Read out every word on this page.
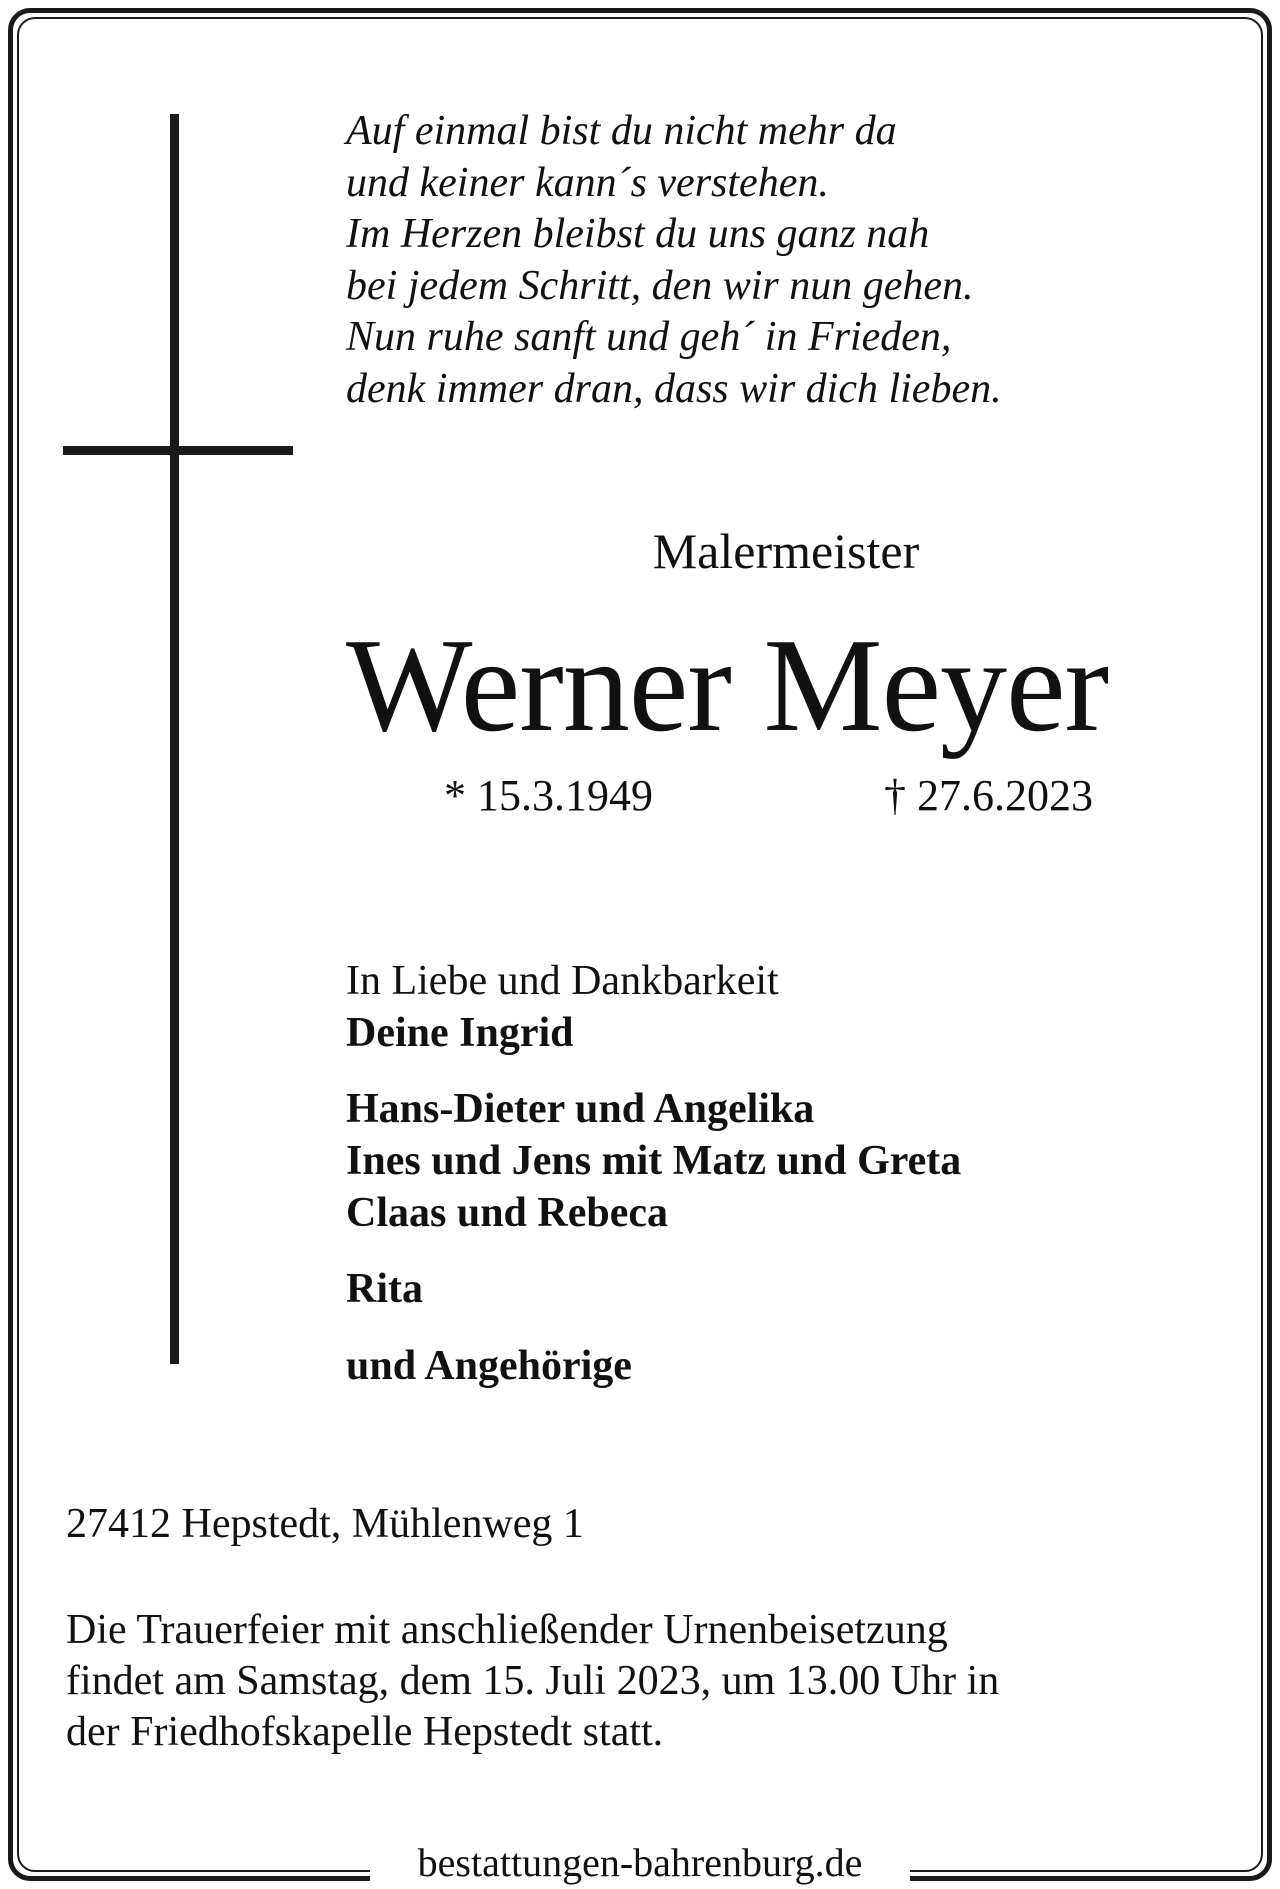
Auf einmal bist du nicht mehr da
und keiner kann´s verstehen.
Im Herzen bleibst du uns ganz nah
bei jedem Schritt, den wir nun gehen.
Nun ruhe sanft und geh´ in Frieden,
denk immer dran, dass wir dich lieben.
Malermeister
Werner Meyer
* 15.3.1949	† 27.6.2023
In Liebe und Dankbarkeit
Deine Ingrid
Hans-Dieter und Angelika
Ines und Jens mit Matz und Greta
Claas und Rebeca
Rita
und Angehörige
27412 Hepstedt, Mühlenweg 1
Die Trauerfeier mit anschließender Urnenbeisetzung
findet am Samstag, dem 15. Juli 2023, um 13.00 Uhr in
der Friedhofskapelle Hepstedt statt.
bestattungen-bahrenburg.de
